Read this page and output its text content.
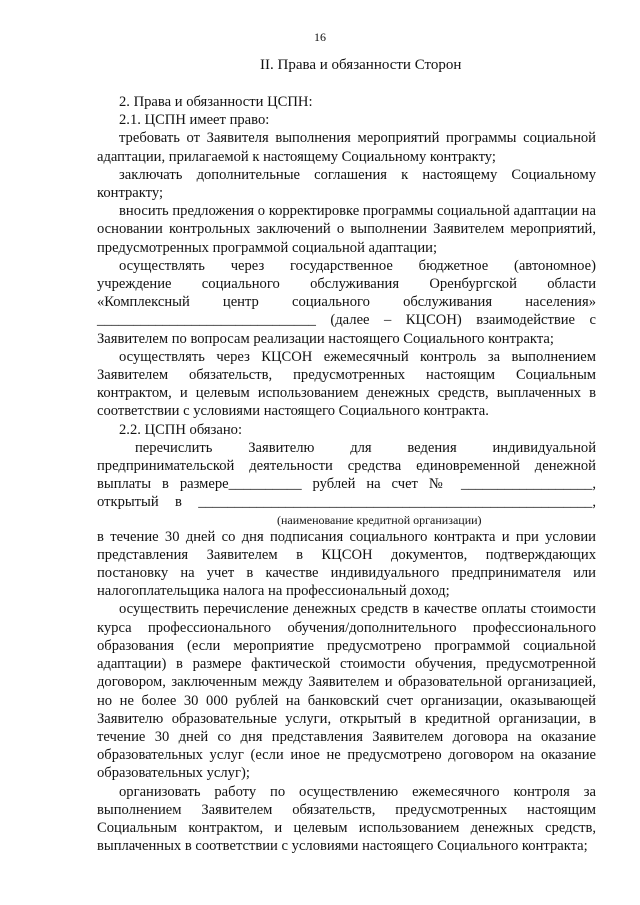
16
II. Права и обязанности Сторон

2. Права и обязанности ЦСПН:

2.1. ЦСПН имеет право:

требовать от Заявителя выполнения мероприятий программы социальной адаптации, прилагаемой к настоящему Социальному контракту;

заключать дополнительные соглашения к настоящему Социальному контракту;

вносить предложения о корректировке программы социальной адаптации на основании контрольных заключений о выполнении Заявителем мероприятий, предусмотренных программой социальной адаптации;

осуществлять через государственное бюджетное (автономное)
учреждение социального обслуживания Оренбургской области
«Комплексный центр социального обслуживания населения»
______________________________ (далее – КЦСОН) взаимодействие с
Заявителем по вопросам реализации настоящего Социального контракта;

осуществлять через КЦСОН ежемесячный контроль за выполнением Заявителем обязательств, предусмотренных настоящим Социальным контрактом, и целевым использованием денежных средств, выплаченных в соответствии с условиями настоящего Социального контракта.

2.2. ЦСПН обязано:

перечислить Заявителю для ведения индивидуальной
предпринимательской деятельности средства единовременной денежной
выплаты в размере__________ рублей на счет № __________________,
открытый в ______________________________________________________,

(наименование кредитной организации)

в течение 30 дней со дня подписания социального контракта и при условии представления Заявителем в КЦСОН документов, подтверждающих постановку на учет в качестве индивидуального предпринимателя или налогоплательщика налога на профессиональный доход;

осуществить перечисление денежных средств в качестве оплаты стоимости курса профессионального обучения/дополнительного профессионального образования (если мероприятие предусмотрено программой социальной адаптации) в размере фактической стоимости обучения, предусмотренной договором, заключенным между Заявителем и образовательной организацией, но не более 30 000 рублей на банковский счет организации, оказывающей Заявителю образовательные услуги, открытый в кредитной организации, в течение 30 дней со дня представления Заявителем договора на оказание образовательных услуг (если иное не предусмотрено договором на оказание образовательных услуг);

организовать работу по осуществлению ежемесячного контроля за выполнением Заявителем обязательств, предусмотренных настоящим Социальным контрактом, и целевым использованием денежных средств, выплаченных в соответствии с условиями настоящего Социального контракта;
